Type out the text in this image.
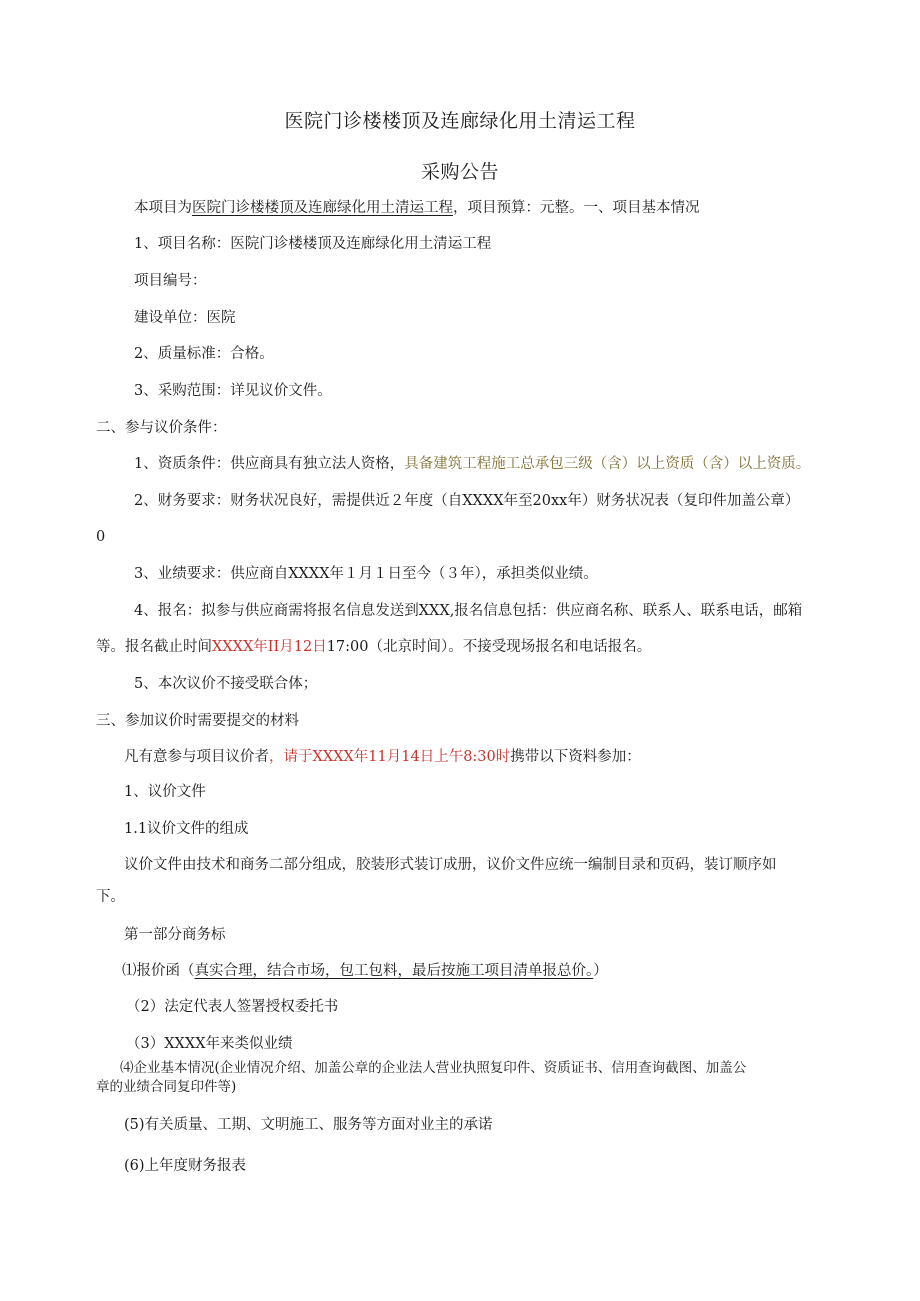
医院门诊楼楼顶及连廊绿化用土清运工程
采购公告
本项目为医院门诊楼楼顶及连廊绿化用土清运工程，项目预算：元整。一、项目基本情况
1、项目名称：医院门诊楼楼顶及连廊绿化用土清运工程
项目编号：
建设单位：医院
2、质量标准：合格。
3、采购范围：详见议价文件。
二、参与议价条件：
1、资质条件：供应商具有独立法人资格，具备建筑工程施工总承包三级（含）以上资质（含）以上资质。
2、财务要求：财务状况良好，需提供近２年度（自XXXX年至20xx年）财务状况表（复印件加盖公章）
0
3、业绩要求：供应商自XXXX年１月１日至今（３年），承担类似业绩。
4、报名：拟参与供应商需将报名信息发送到XXX,报名信息包括：供应商名称、联系人、联系电话，邮箱
等。报名截止时间XXXX年II月12日17:00（北京时间）。不接受现场报名和电话报名。
5、本次议价不接受联合体；
三、参加议价时需要提交的材料
凡有意参与项目议价者，请于XXXX年11月14日上午8:30时携带以下资料参加：
1、议价文件
1.1议价文件的组成
议价文件由技术和商务二部分组成，胶装形式装订成册，议价文件应统一编制目录和页码，装订顺序如
下。
第一部分商务标
⑴报价函（真实合理，结合市场，包工包料，最后按施工项目清单报总价。）
（2）法定代表人签署授权委托书
（3）XXXX年来类似业绩
⑷企业基本情况(企业情况介绍、加盖公章的企业法人营业执照复印件、资质证书、信用查询截图、加盖公
章的业绩合同复印件等)
(5)有关质量、工期、文明施工、服务等方面对业主的承诺
(6)上年度财务报表
